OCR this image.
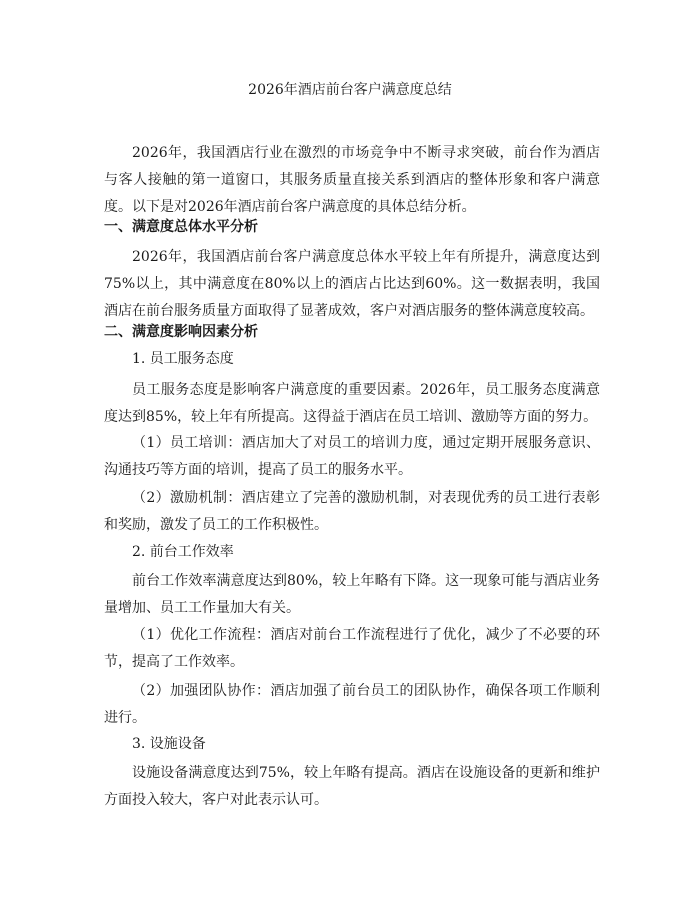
2026年酒店前台客户满意度总结

2026年，我国酒店行业在激烈的市场竞争中不断寻求突破，前台作为酒店与客人接触的第一道窗口，其服务质量直接关系到酒店的整体形象和客户满意度。以下是对2026年酒店前台客户满意度的具体总结分析。

一、满意度总体水平分析

2026年，我国酒店前台客户满意度总体水平较上年有所提升，满意度达到75%以上，其中满意度在80%以上的酒店占比达到60%。这一数据表明，我国酒店在前台服务质量方面取得了显著成效，客户对酒店服务的整体满意度较高。

二、满意度影响因素分析

1. 员工服务态度

员工服务态度是影响客户满意度的重要因素。2026年，员工服务态度满意度达到85%，较上年有所提高。这得益于酒店在员工培训、激励等方面的努力。

（1）员工培训：酒店加大了对员工的培训力度，通过定期开展服务意识、沟通技巧等方面的培训，提高了员工的服务水平。

（2）激励机制：酒店建立了完善的激励机制，对表现优秀的员工进行表彰和奖励，激发了员工的工作积极性。

2. 前台工作效率

前台工作效率满意度达到80%，较上年略有下降。这一现象可能与酒店业务量增加、员工工作量加大有关。

（1）优化工作流程：酒店对前台工作流程进行了优化，减少了不必要的环节，提高了工作效率。

（2）加强团队协作：酒店加强了前台员工的团队协作，确保各项工作顺利进行。

3. 设施设备

设施设备满意度达到75%，较上年略有提高。酒店在设施设备的更新和维护方面投入较大，客户对此表示认可。
